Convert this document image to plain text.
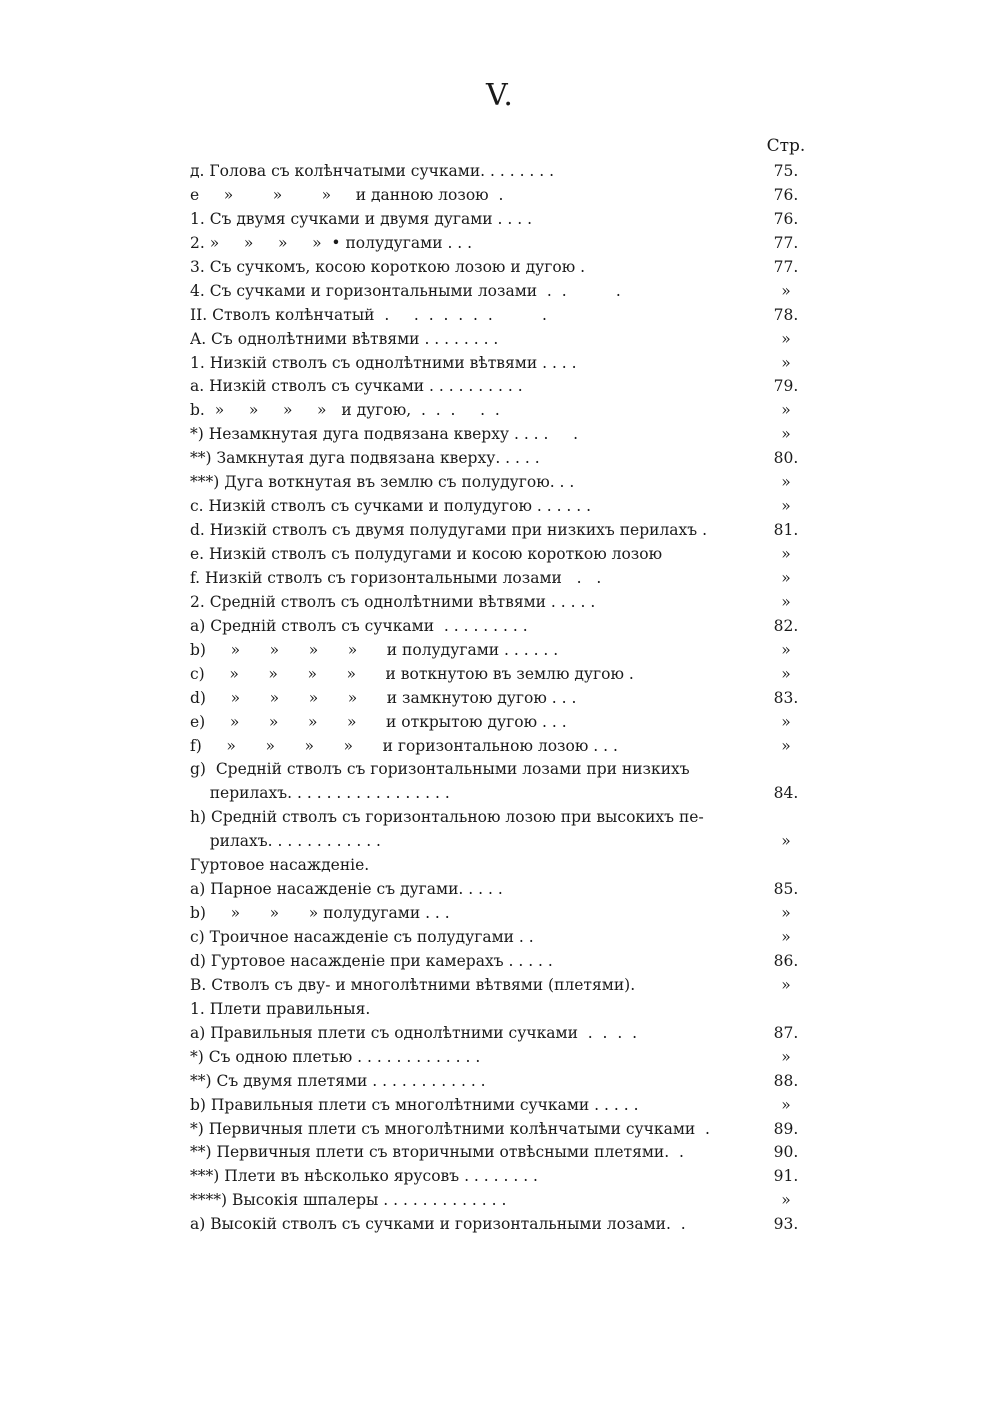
V.
Стр.
д. Голова съ колѣнчатыми сучками. . . . . . . .	75.
е     »        »        »     и данною лозою  .	76.
1. Съ двумя сучками и двумя дугами . . . .	76.
2. »     »     »     »  • полудугами . . .	77.
3. Съ сучкомъ, косою короткою лозою и дугою .	77.
4. Съ сучками и горизонтальными лозами  .  .          .	»
II. Стволъ колѣнчатый  .     .  .  .  .  .  .          .	78.
A. Съ однолѣтними вѣтвями . . . . . . . .	»
1. Низкій стволъ съ однолѣтними вѣтвями . . . .	»
a. Низкій стволъ съ сучками . . . . . . . . . .	79.
b.  »     »     »     »   и дугою,  .  .  .     .  .	»
*) Незамкнутая дуга подвязана кверху . . . .     .	»
**) Замкнутая дуга подвязана кверху. . . . .	80.
***) Дуга воткнутая въ землю съ полудугою. . .	»
c. Низкій стволъ съ сучками и полудугою . . . . . .	»
d. Низкій стволъ съ двумя полудугами при низкихъ перилахъ .	81.
e. Низкій стволъ съ полудугами и косою короткою лозою	»
f. Низкій стволъ съ горизонтальными лозами   .   .	»
2. Средній стволъ съ однолѣтними вѣтвями . . . . .	»
a) Средній стволъ съ сучками  . . . . . . . . .	82.
b)     »      »      »      »      и полудугами . . . . . .	»
c)     »      »      »      »      и воткнутою въ землю дугою .	»
d)     »      »      »      »      и замкнутою дугою . . .	83.
e)     »      »      »      »      и открытою дугою . . .	»
f)     »      »      »      »      и горизонтальною лозою . . .	»
g)  Средній стволъ съ горизонтальными лозами при низкихъ
перилахъ. . . . . . . . . . . . . . . . .	84.
h) Средній стволъ съ горизонтальною лозою при высокихъ пе-
рилахъ. . . . . . . . . . . .	»
Гуртовое насажденіе.
a) Парное насажденіе съ дугами. . . . .	85.
b)     »      »      » полудугами . . .	»
c) Троичное насажденіе съ полудугами . .	»
d) Гуртовое насажденіе при камерахъ . . . . .	86.
B. Стволъ съ дву- и многолѣтними вѣтвями (плетями).	»
1. Плети правильныя.
a) Правильныя плети съ однолѣтними сучками  .  .  .  .	87.
*) Съ одною плетью . . . . . . . . . . . . .	»
**) Съ двумя плетями . . . . . . . . . . . .	88.
b) Правильныя плети съ многолѣтними сучками . . . . .	»
*) Первичныя плети съ многолѣтними колѣнчатыми сучками  .	89.
**) Первичныя плети съ вторичными отвѣсными плетями.  .	90.
***) Плети въ нѣсколько ярусовъ . . . . . . . .	91.
****) Высокія шпалеры . . . . . . . . . . . . .	»
a) Высокій стволъ съ сучками и горизонтальными лозами.  .	93.
